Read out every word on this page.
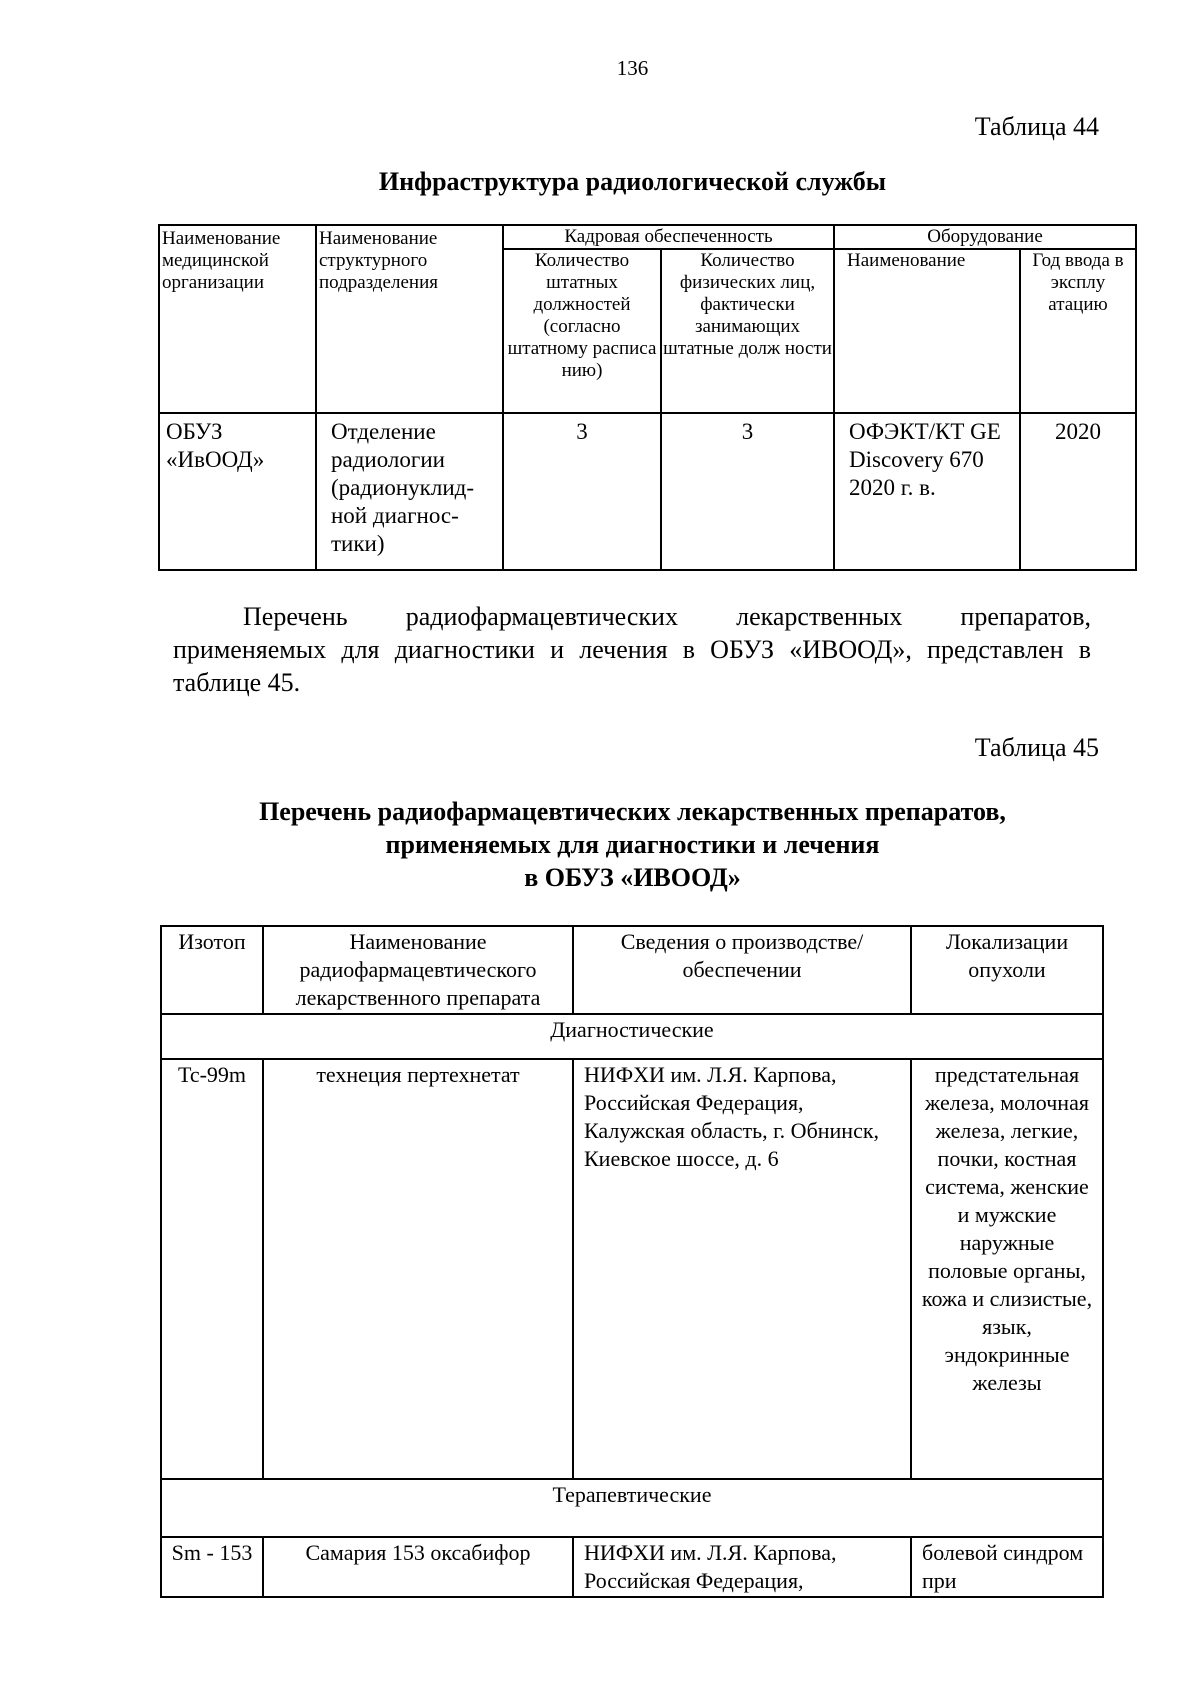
136
Таблица 44
Инфраструктура радиологической службы
Наименование медицинской организации	Наименование структурного подразделения	Кадровая обеспеченность		Оборудование	
		Количество штатных должностей (согласно штатному расписа нию)	Количество физических лиц, фактически занимающих штатные долж ности	Наименование	Год ввода в эксплу атацию
ОБУЗ «ИвООД»	Отделение радиологии (радионуклид-ной диагнос-тики)	3	3	ОФЭКТ/КТ GE Discovery 670 2020 г. в.	2020
Перечень радиофармацевтических лекарственных препаратов, применяемых для диагностики и лечения в ОБУЗ «ИВООД», представлен в таблице 45.
Таблица 45
Перечень радиофармацевтических лекарственных препаратов,
применяемых для диагностики и лечения
в ОБУЗ «ИВООД»
Изотоп	Наименование радиофармацевтического лекарственного препарата	Сведения о производстве/обеспечении	Локализации опухоли
Диагностические			
Tc-99m	технеция пертехнетат	НИФХИ им. Л.Я. Карпова, Российская Федерация, Калужская область, г. Обнинск, Киевское шоссе, д. 6	предстательная железа, молочная железа, легкие, почки, костная система, женские и мужские наружные половые органы, кожа и слизистые, язык, эндокринные железы
Терапевтические			
Sm - 153	Самария 153 оксабифор	НИФХИ им. Л.Я. Карпова, Российская Федерация,	болевой синдром при
